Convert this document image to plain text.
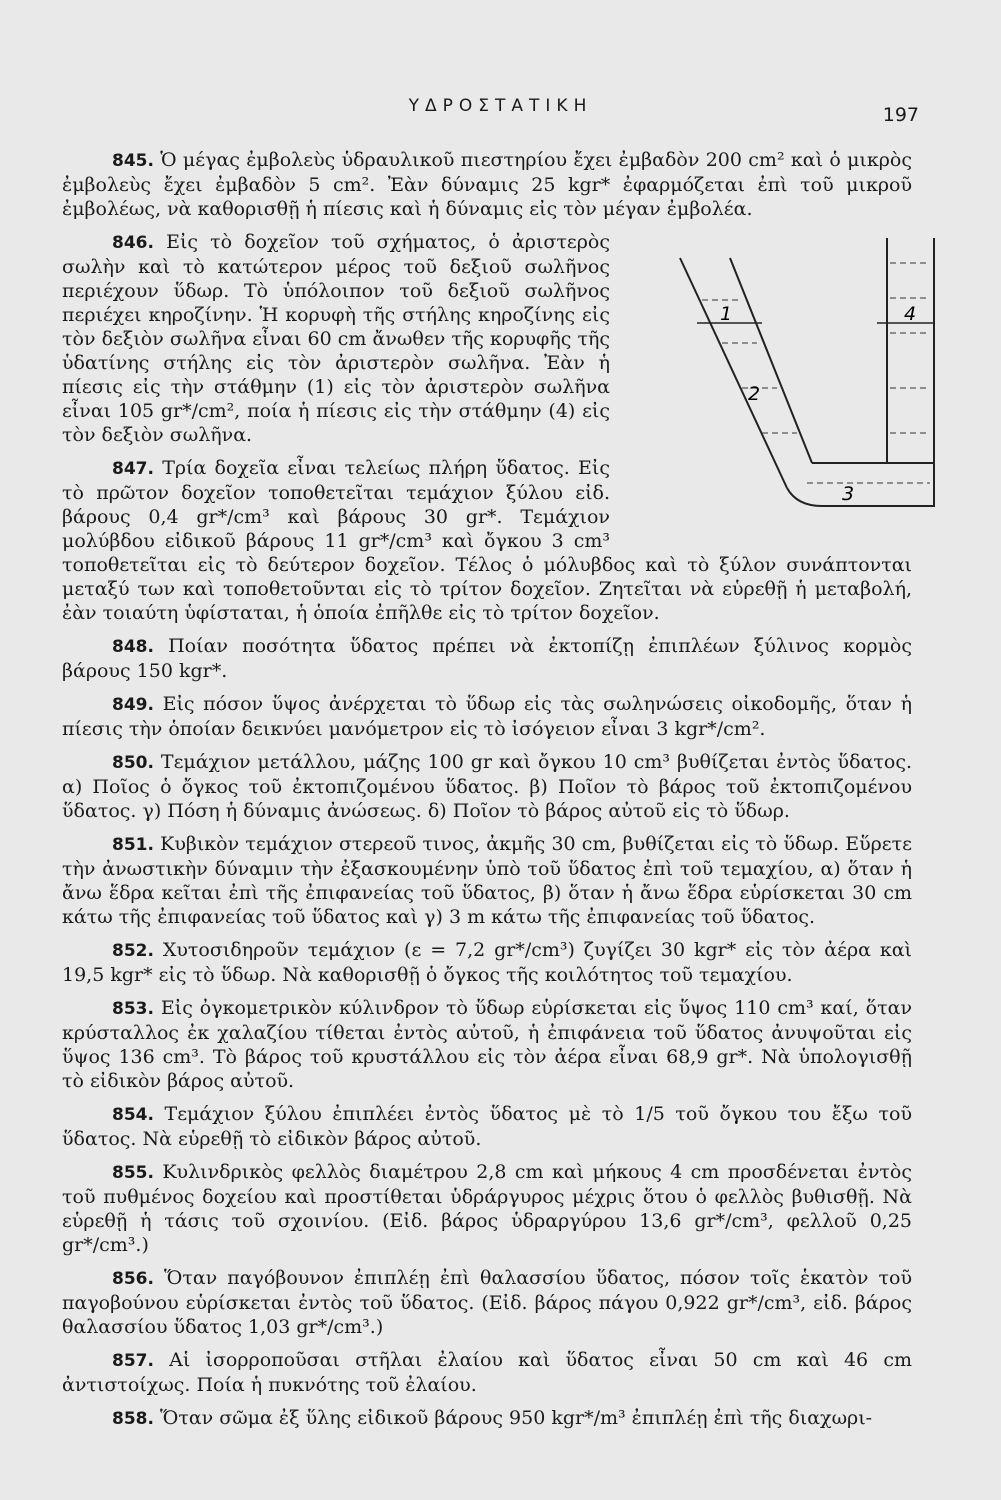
ΥΔΡΟΣΤΑΤΙΚΗ	197

845. Ὁ μέγας ἐμβολεὺς ὑδραυλικοῦ πιεστηρίου ἔχει ἐμβαδὸν 200 cm² καὶ ὁ μικρὸς ἐμβολεὺς ἔχει ἐμβαδὸν 5 cm². Ἐὰν δύναμις 25 kgr* ἐφαρμόζεται ἐπὶ τοῦ μικροῦ ἐμβολέως, νὰ καθορισθῇ ἡ πίεσις καὶ ἡ δύναμις εἰς τὸν μέγαν ἐμβολέα.

1
2
3
4
846. Εἰς τὸ δοχεῖον τοῦ σχήματος, ὁ ἀριστερὸς σωλὴν καὶ τὸ κατώτερον μέρος τοῦ δεξιοῦ σωλῆνος περιέχουν ὕδωρ. Τὸ ὑπόλοιπον τοῦ δεξιοῦ σωλῆνος περιέχει κηροζίνην. Ἡ κορυφὴ τῆς στήλης κηροζίνης εἰς τὸν δεξιὸν σωλῆνα εἶναι 60 cm ἄνωθεν τῆς κορυφῆς τῆς ὑδατίνης στήλης εἰς τὸν ἀριστερὸν σωλῆνα. Ἐὰν ἡ πίεσις εἰς τὴν στάθμην (1) εἰς τὸν ἀριστερὸν σωλῆνα εἶναι 105 gr*/cm², ποία ἡ πίεσις εἰς τὴν στάθμην (4) εἰς τὸν δεξιὸν σωλῆνα.

847. Τρία δοχεῖα εἶναι τελείως πλήρη ὕδατος. Εἰς τὸ πρῶτον δοχεῖον τοποθετεῖται τεμάχιον ξύλου εἰδ. βάρους 0,4 gr*/cm³ καὶ βάρους 30 gr*. Τεμάχιον μολύβδου εἰδικοῦ βάρους 11 gr*/cm³ καὶ ὄγκου 3 cm³ τοποθετεῖται εἰς τὸ δεύτερον δοχεῖον. Τέλος ὁ μόλυβδος καὶ τὸ ξύλον συνάπτονται μεταξύ των καὶ τοποθετοῦνται εἰς τὸ τρίτον δοχεῖον. Ζητεῖται νὰ εὑρεθῇ ἡ μεταβολή, ἐὰν τοιαύτη ὑφίσταται, ἡ ὁποία ἐπῆλθε εἰς τὸ τρίτον δοχεῖον.

848. Ποίαν ποσότητα ὕδατος πρέπει νὰ ἐκτοπίζῃ ἐπιπλέων ξύλινος κορμὸς βάρους 150 kgr*.

849. Εἰς πόσον ὕψος ἀνέρχεται τὸ ὕδωρ εἰς τὰς σωληνώσεις οἰκοδομῆς, ὅταν ἡ πίεσις τὴν ὁποίαν δεικνύει μανόμετρον εἰς τὸ ἰσόγειον εἶναι 3 kgr*/cm².

850. Τεμάχιον μετάλλου, μάζης 100 gr καὶ ὄγκου 10 cm³ βυθίζεται ἐντὸς ὕδατος. α) Ποῖος ὁ ὄγκος τοῦ ἐκτοπιζομένου ὕδατος. β) Ποῖον τὸ βάρος τοῦ ἐκτοπιζομένου ὕδατος. γ) Πόση ἡ δύναμις ἀνώσεως. δ) Ποῖον τὸ βάρος αὐτοῦ εἰς τὸ ὕδωρ.

851. Κυβικὸν τεμάχιον στερεοῦ τινος, ἀκμῆς 30 cm, βυθίζεται εἰς τὸ ὕδωρ. Εὕρετε τὴν ἀνωστικὴν δύναμιν τὴν ἐξασκουμένην ὑπὸ τοῦ ὕδατος ἐπὶ τοῦ τεμαχίου, α) ὅταν ἡ ἄνω ἕδρα κεῖται ἐπὶ τῆς ἐπιφανείας τοῦ ὕδατος, β) ὅταν ἡ ἄνω ἕδρα εὑρίσκεται 30 cm κάτω τῆς ἐπιφανείας τοῦ ὕδατος καὶ γ) 3 m κάτω τῆς ἐπιφανείας τοῦ ὕδατος.

852. Χυτοσιδηροῦν τεμάχιον (ε = 7,2 gr*/cm³) ζυγίζει 30 kgr* εἰς τὸν ἀέρα καὶ 19,5 kgr* εἰς τὸ ὕδωρ. Νὰ καθορισθῇ ὁ ὄγκος τῆς κοιλότητος τοῦ τεμαχίου.

853. Εἰς ὀγκομετρικὸν κύλινδρον τὸ ὕδωρ εὑρίσκεται εἰς ὕψος 110 cm³ καί, ὅταν κρύσταλλος ἐκ χαλαζίου τίθεται ἐντὸς αὐτοῦ, ἡ ἐπιφάνεια τοῦ ὕδατος ἀνυψοῦται εἰς ὕψος 136 cm³. Τὸ βάρος τοῦ κρυστάλλου εἰς τὸν ἀέρα εἶναι 68,9 gr*. Νὰ ὑπολογισθῇ τὸ εἰδικὸν βάρος αὐτοῦ.

854. Τεμάχιον ξύλου ἐπιπλέει ἐντὸς ὕδατος μὲ τὸ 1/5 τοῦ ὄγκου του ἔξω τοῦ ὕδατος. Νὰ εὑρεθῇ τὸ εἰδικὸν βάρος αὐτοῦ.

855. Κυλινδρικὸς φελλὸς διαμέτρου 2,8 cm καὶ μήκους 4 cm προσδένεται ἐντὸς τοῦ πυθμένος δοχείου καὶ προστίθεται ὑδράργυρος μέχρις ὅτου ὁ φελλὸς βυθισθῇ. Νὰ εὑρεθῇ ἡ τάσις τοῦ σχοινίου. (Εἰδ. βάρος ὑδραργύρου 13,6 gr*/cm³, φελλοῦ 0,25 gr*/cm³.)

856. Ὅταν παγόβουνον ἐπιπλέῃ ἐπὶ θαλασσίου ὕδατος, πόσον τοῖς ἑκατὸν τοῦ παγοβούνου εὑρίσκεται ἐντὸς τοῦ ὕδατος. (Εἰδ. βάρος πάγου 0,922 gr*/cm³, εἰδ. βάρος θαλασσίου ὕδατος 1,03 gr*/cm³.)

857. Αἱ ἰσορροποῦσαι στῆλαι ἐλαίου καὶ ὕδατος εἶναι 50 cm καὶ 46 cm ἀντιστοίχως. Ποία ἡ πυκνότης τοῦ ἐλαίου.

858. Ὅταν σῶμα ἐξ ὕλης εἰδικοῦ βάρους 950 kgr*/m³ ἐπιπλέῃ ἐπὶ τῆς διαχωρι-
